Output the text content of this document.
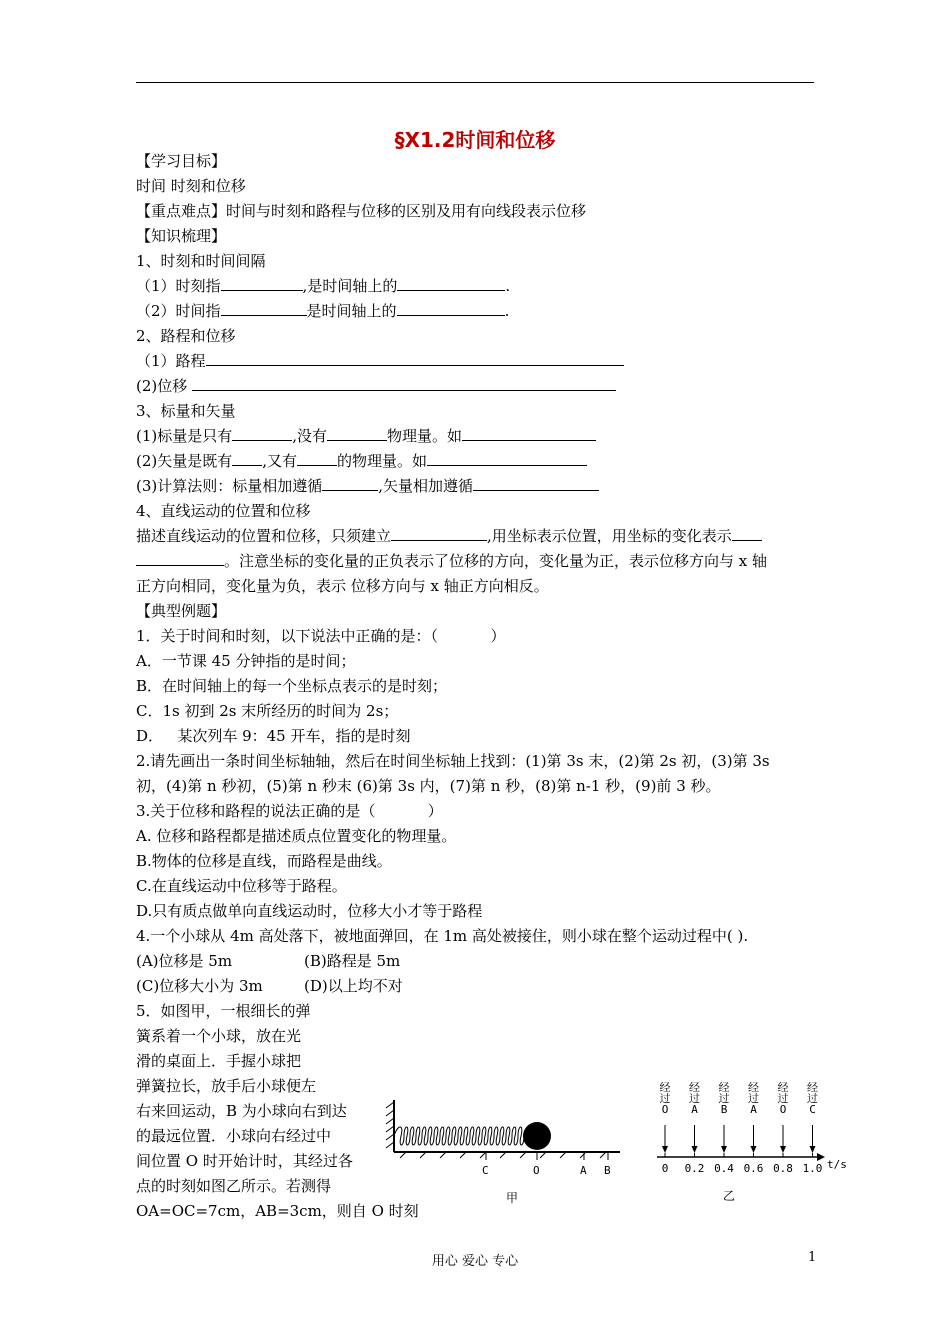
§X1.2时间和位移
【学习目标】
时间 时刻和位移
【重点难点】时间与时刻和路程与位移的区别及用有向线段表示位移
【知识梳理】
1、时刻和时间间隔
（1）时刻指	,是时间轴上的	.
（2）时间指	是时间轴上的	.
2、路程和位移
（1）路程
(2)位移
3、标量和矢量
(1)标量是只有	,没有	物理量。如
(2)矢量是既有 ,又有	的物理量。如
(3)计算法则：标量相加遵循	,矢量相加遵循
4、直线运动的位置和位移
描述直线运动的位置和位移，只须建立	,用坐标表示位置，用坐标的变化表示
。注意坐标的变化量的正负表示了位移的方向，变化量为正，表示位移方向与 x 轴
正方向相同，变化量为负，表示 位移方向与 x 轴正方向相反。
【典型例题】
1．关于时间和时刻，以下说法中正确的是：（           ）
A．一节课 45 分钟指的是时间；
B．在时间轴上的每一个坐标点表示的是时刻；
C．1s 初到 2s 末所经历的时间为 2s；
D．   某次列车 9：45 开车，指的是时刻
2.请先画出一条时间坐标轴轴，然后在时间坐标轴上找到：(1)第 3s 末，(2)第 2s 初，(3)第 3s
初，(4)第 n 秒初，(5)第 n 秒末 (6)第 3s 内，(7)第 n 秒，(8)第 n-1 秒，(9)前 3 秒。
3.关于位移和路程的说法正确的是（           ）
A. 位移和路程都是描述质点位置变化的物理量。
B.物体的位移是直线，而路程是曲线。
C.在直线运动中位移等于路程。
D.只有质点做单向直线运动时，位移大小才等于路程
4.一个小球从 4m 高处落下，被地面弹回，在 1m 高处被接住，则小球在整个运动过程中( ).
(A)位移是 5m	(B)路程是 5m
(C)位移大小为 3m	(D)以上均不对
5．如图甲，一根细长的弹
簧系着一个小球，放在光
滑的桌面上．手握小球把
弹簧拉长，放手后小球便左
右来回运动，B 为小球向右到达
的最远位置．小球向右经过中
间位置 O 时开始计时，其经过各
点的时刻如图乙所示。若测得
OA=OC=7cm，AB=3cm，则自 O 时刻
C	O	A B
甲
t/s
乙
0 0.2 0.4 0.6 0.8 1.0
经
过
O
经
过
A
经
过
B
经
过
A
经
过
O
经
过
C
用心 爱心 专心	1
